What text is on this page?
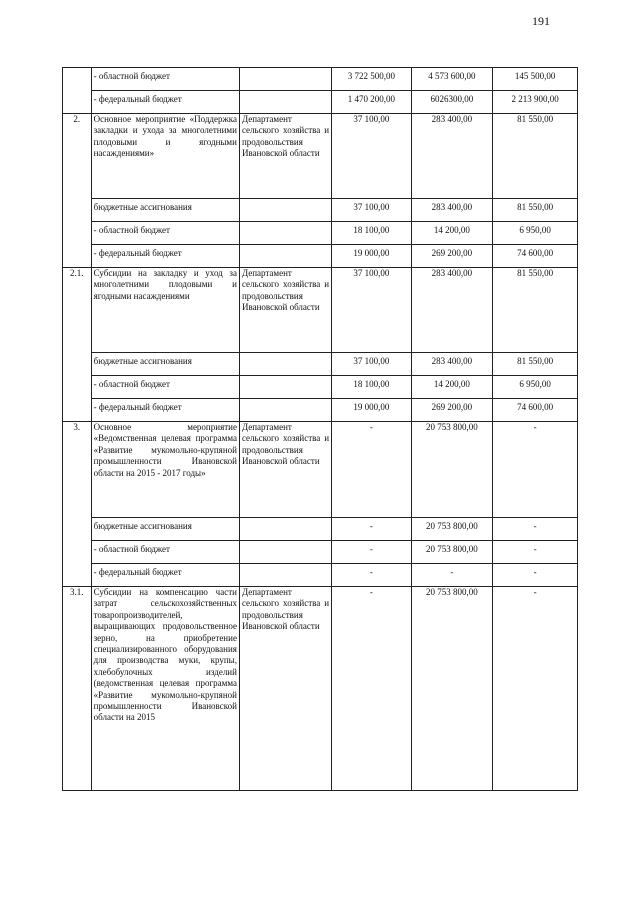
191
	- областной бюджет		3 722 500,00	4 573 600,00	145 500,00
	- федеральный бюджет		1 470 200,00	6026300,00	2 213 900,00
2.	Основное мероприятие «Поддержка закладки и ухода за многолетними плодовыми и ягодными насаждениями»	Департамент сельского хозяйства и продовольствия Ивановской области	37 100,00	283 400,00	81 550,00
	бюджетные ассигнования		37 100,00	283 400,00	81 550,00
	- областной бюджет		18 100,00	14 200,00	6 950,00
	- федеральный бюджет		19 000,00	269 200,00	74 600,00
2.1.	Субсидии на закладку и уход за многолетними плодовыми и ягодными насаждениями	Департамент сельского хозяйства и продовольствия Ивановской области	37 100,00	283 400,00	81 550,00
	бюджетные ассигнования		37 100,00	283 400,00	81 550,00
	- областной бюджет		18 100,00	14 200,00	6 950,00
	- федеральный бюджет		19 000,00	269 200,00	74 600,00
3.	Основное мероприятие «Ведомственная целевая программа «Развитие мукомольно-крупяной промышленности Ивановской области на 2015 - 2017 годы»	Департамент сельского хозяйства и продовольствия Ивановской области	-	20 753 800,00	-
	бюджетные ассигнования		-	20 753 800,00	-
	- областной бюджет		-	20 753 800,00	-
	- федеральный бюджет		-	-	-
3.1.	Субсидии на компенсацию части затрат сельскохозяйственных товаропроизводителей, выращивающих продовольственное зерно, на приобретение специализированного оборудования для производства муки, крупы, хлебобулочных изделий (ведомственная целевая программа «Развитие мукомольно-крупяной промышленности Ивановской области на 2015	Департамент сельского хозяйства и продовольствия Ивановской области	-	20 753 800,00	-
